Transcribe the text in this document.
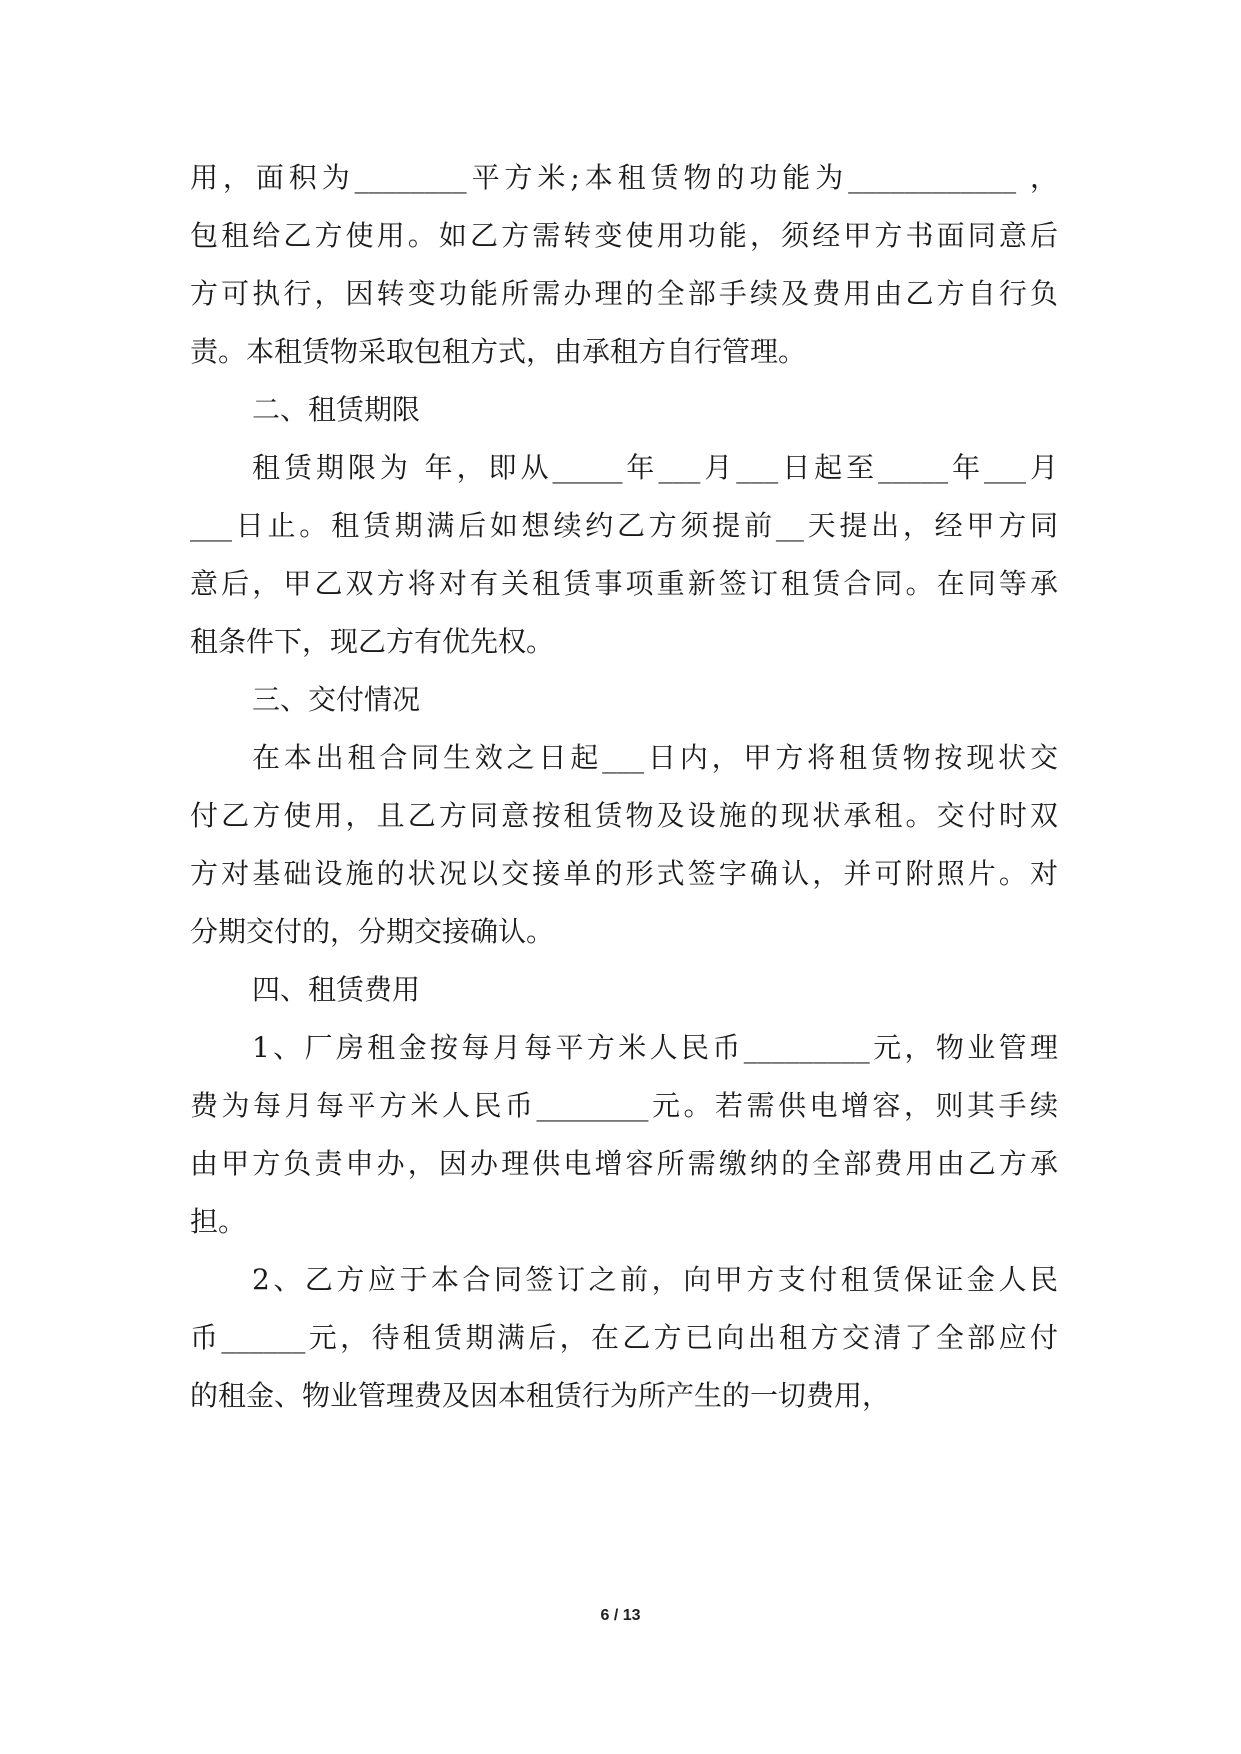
用，面积为________平方米;本租赁物的功能为____________ ，
包租给乙方使用。如乙方需转变使用功能，须经甲方书面同意后
方可执行，因转变功能所需办理的全部手续及费用由乙方自行负
责。本租赁物采取包租方式，由承租方自行管理。
二、租赁期限
租赁期限为 年，即从_____年___月___日起至_____年___月
___日止。租赁期满后如想续约乙方须提前__天提出，经甲方同
意后，甲乙双方将对有关租赁事项重新签订租赁合同。在同等承
租条件下，现乙方有优先权。
三、交付情况
在本出租合同生效之日起___日内，甲方将租赁物按现状交
付乙方使用，且乙方同意按租赁物及设施的现状承租。交付时双
方对基础设施的状况以交接单的形式签字确认，并可附照片。对
分期交付的，分期交接确认。
四、租赁费用
1、厂房租金按每月每平方米人民币_________元，物业管理
费为每月每平方米人民币________元。若需供电增容，则其手续
由甲方负责申办，因办理供电增容所需缴纳的全部费用由乙方承
担。
2、乙方应于本合同签订之前，向甲方支付租赁保证金人民
币______元，待租赁期满后，在乙方已向出租方交清了全部应付
的租金、物业管理费及因本租赁行为所产生的一切费用，
6 / 13
